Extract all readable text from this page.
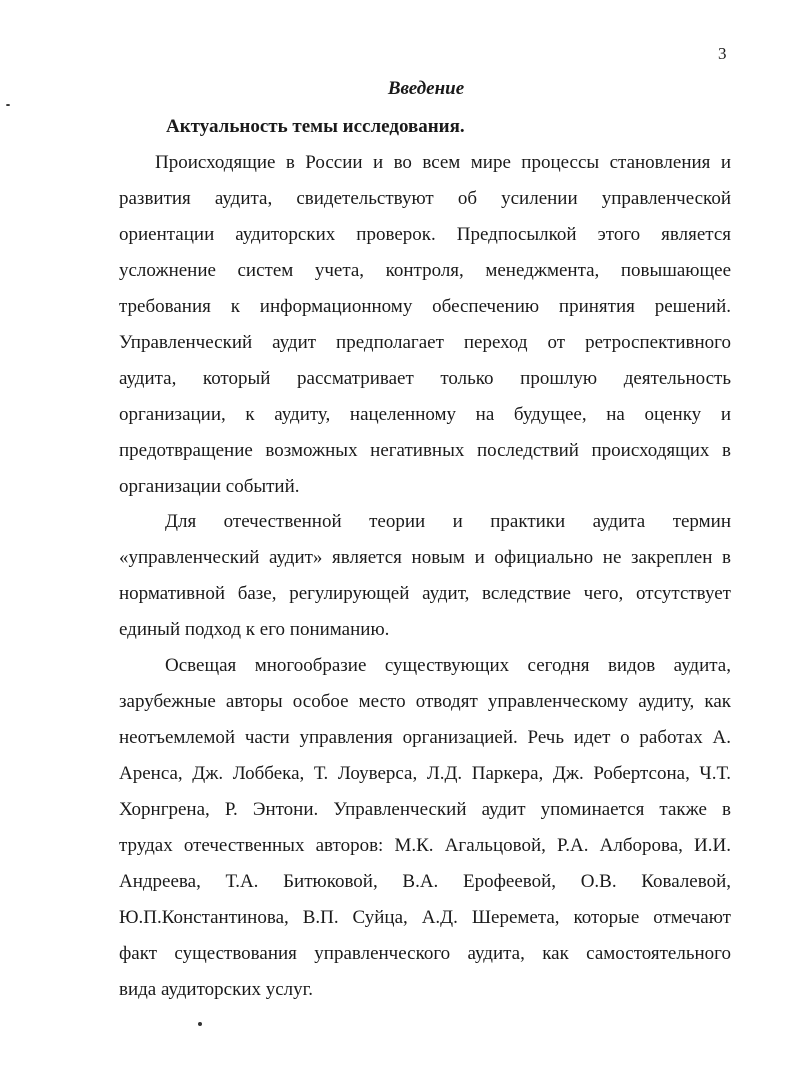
3
Введение
Актуальность темы исследования.
Происходящие в России и во всем мире процессы становления и
развития аудита, свидетельствуют об усилении управленческой
ориентации аудиторских проверок. Предпосылкой этого является
усложнение систем учета, контроля, менеджмента, повышающее
требования к информационному обеспечению принятия решений.
Управленческий аудит предполагает переход от ретроспективного
аудита, который рассматривает только прошлую деятельность
организации, к аудиту, нацеленному на будущее, на оценку и
предотвращение возможных негативных последствий происходящих в
организации событий.
Для отечественной теории и практики аудита термин
«управленческий аудит» является новым и официально не закреплен в
нормативной базе, регулирующей аудит, вследствие чего, отсутствует
единый подход к его пониманию.
Освещая многообразие существующих сегодня видов аудита,
зарубежные авторы особое место отводят управленческому аудиту, как
неотъемлемой части управления организацией. Речь идет о работах А.
Аренса, Дж. Лоббека, Т. Лоуверса, Л.Д. Паркера, Дж. Робертсона, Ч.Т.
Хорнгрена, Р. Энтони. Управленческий аудит упоминается также в
трудах отечественных авторов: М.К. Агальцовой, Р.А. Алборова, И.И.
Андреева, Т.А. Битюковой, В.А. Ерофеевой, О.В. Ковалевой,
Ю.П.Константинова, В.П. Суйца, А.Д. Шеремета, которые отмечают
факт существования управленческого аудита, как самостоятельного
вида аудиторских услуг.
